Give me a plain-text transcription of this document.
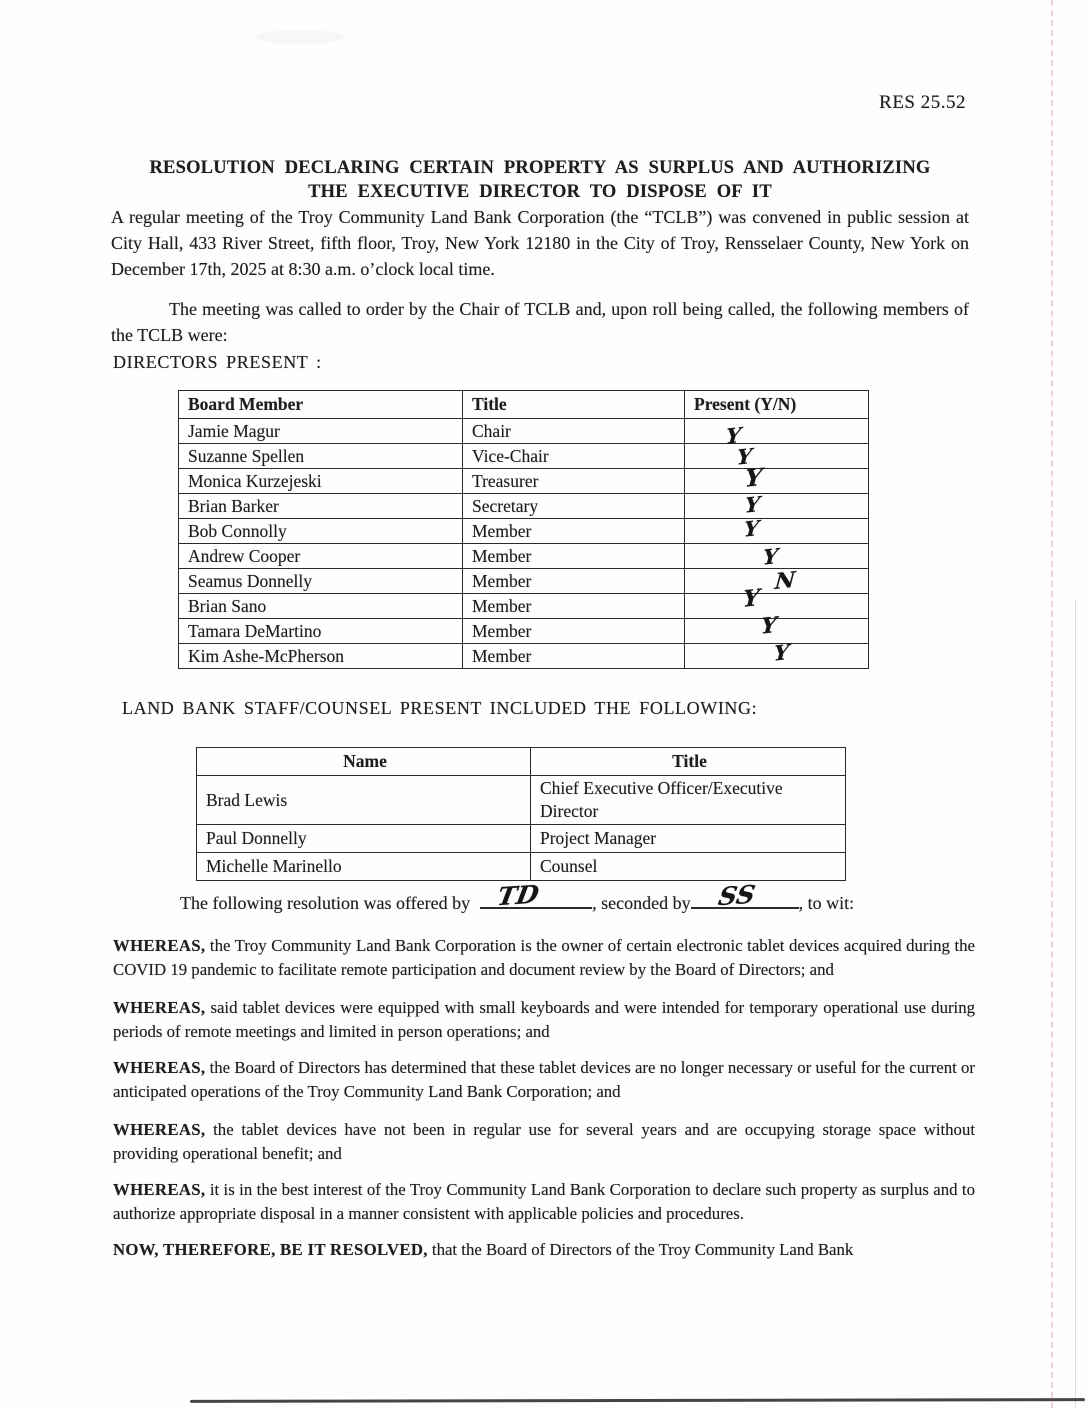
RES 25.52
RESOLUTION DECLARING CERTAIN PROPERTY AS SURPLUS AND AUTHORIZING
THE EXECUTIVE DIRECTOR TO DISPOSE OF IT
A regular meeting of the Troy Community Land Bank Corporation (the “TCLB”) was convened in public session at City Hall, 433 River Street, fifth floor, Troy, New York 12180 in the City of Troy, Rensselaer County, New York on December 17th, 2025 at 8:30 a.m. o’clock local time.
The meeting was called to order by the Chair of TCLB and, upon roll being called, the following members of the TCLB were:
DIRECTORS PRESENT :
Board Member	Title	Present (Y/N)
Jamie Magur	Chair	Y

Suzanne Spellen	Vice-Chair	Y

Monica Kurzejeski	Treasurer	Y

Brian Barker	Secretary	Y

Bob Connolly	Member	Y

Andrew Cooper	Member	Y

Seamus Donnelly	Member	N

Brian Sano	Member	Y

Tamara DeMartino	Member	Y

Kim Ashe-McPherson	Member	Y
LAND BANK STAFF/COUNSEL PRESENT INCLUDED THE FOLLOWING:
Name	Title
Brad Lewis	Chief Executive Officer/Executive Director
Paul Donnelly	Project Manager
Michelle Marinello	Counsel
The following resolution was offered by TD	, seconded by SS , to wit:
WHEREAS, the Troy Community Land Bank Corporation is the owner of certain electronic tablet devices acquired during the COVID 19 pandemic to facilitate remote participation and document review by the Board of Directors; and
WHEREAS, said tablet devices were equipped with small keyboards and were intended for temporary operational use during periods of remote meetings and limited in person operations; and
WHEREAS, the Board of Directors has determined that these tablet devices are no longer necessary or useful for the current or anticipated operations of the Troy Community Land Bank Corporation; and
WHEREAS, the tablet devices have not been in regular use for several years and are occupying storage space without providing operational benefit; and
WHEREAS, it is in the best interest of the Troy Community Land Bank Corporation to declare such property as surplus and to authorize appropriate disposal in a manner consistent with applicable policies and procedures.
NOW, THEREFORE, BE IT RESOLVED, that the Board of Directors of the Troy Community Land Bank
